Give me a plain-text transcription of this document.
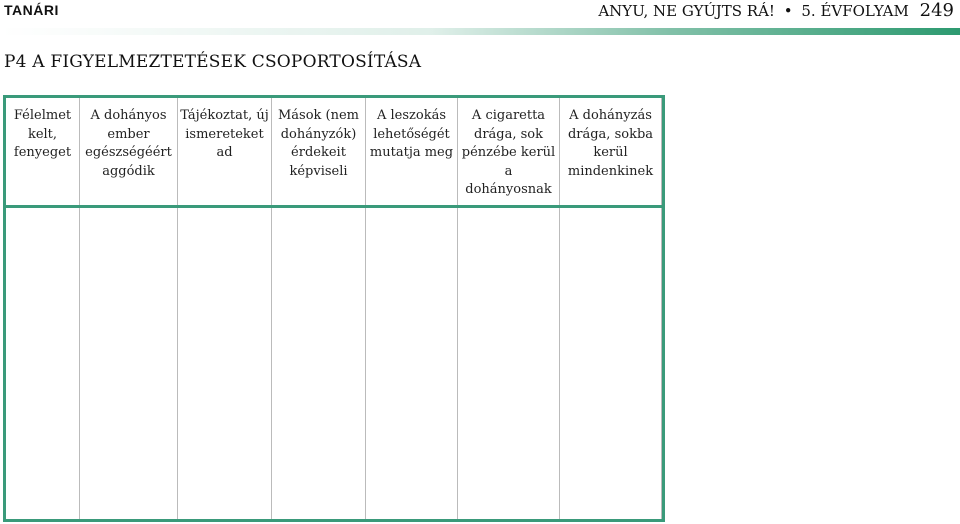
TANÁRI	ANYU, NE GYÚJTS RÁ! • 5. ÉVFOLYAM 249
P4 A FIGYELMEZTETÉSEK CSOPORTOSÍTÁSA
Félelmet kelt, fenyeget
A dohányos ember egészségéért aggódik
Tájékoztat, új ismereteket ad
Mások (nem dohányzók) érdekeit képviseli
A leszokás lehetőségét mutatja meg
A cigaretta drága, sok pénzébe kerül a dohányosnak
A dohányzás drága, sokba kerül mindenkinek
